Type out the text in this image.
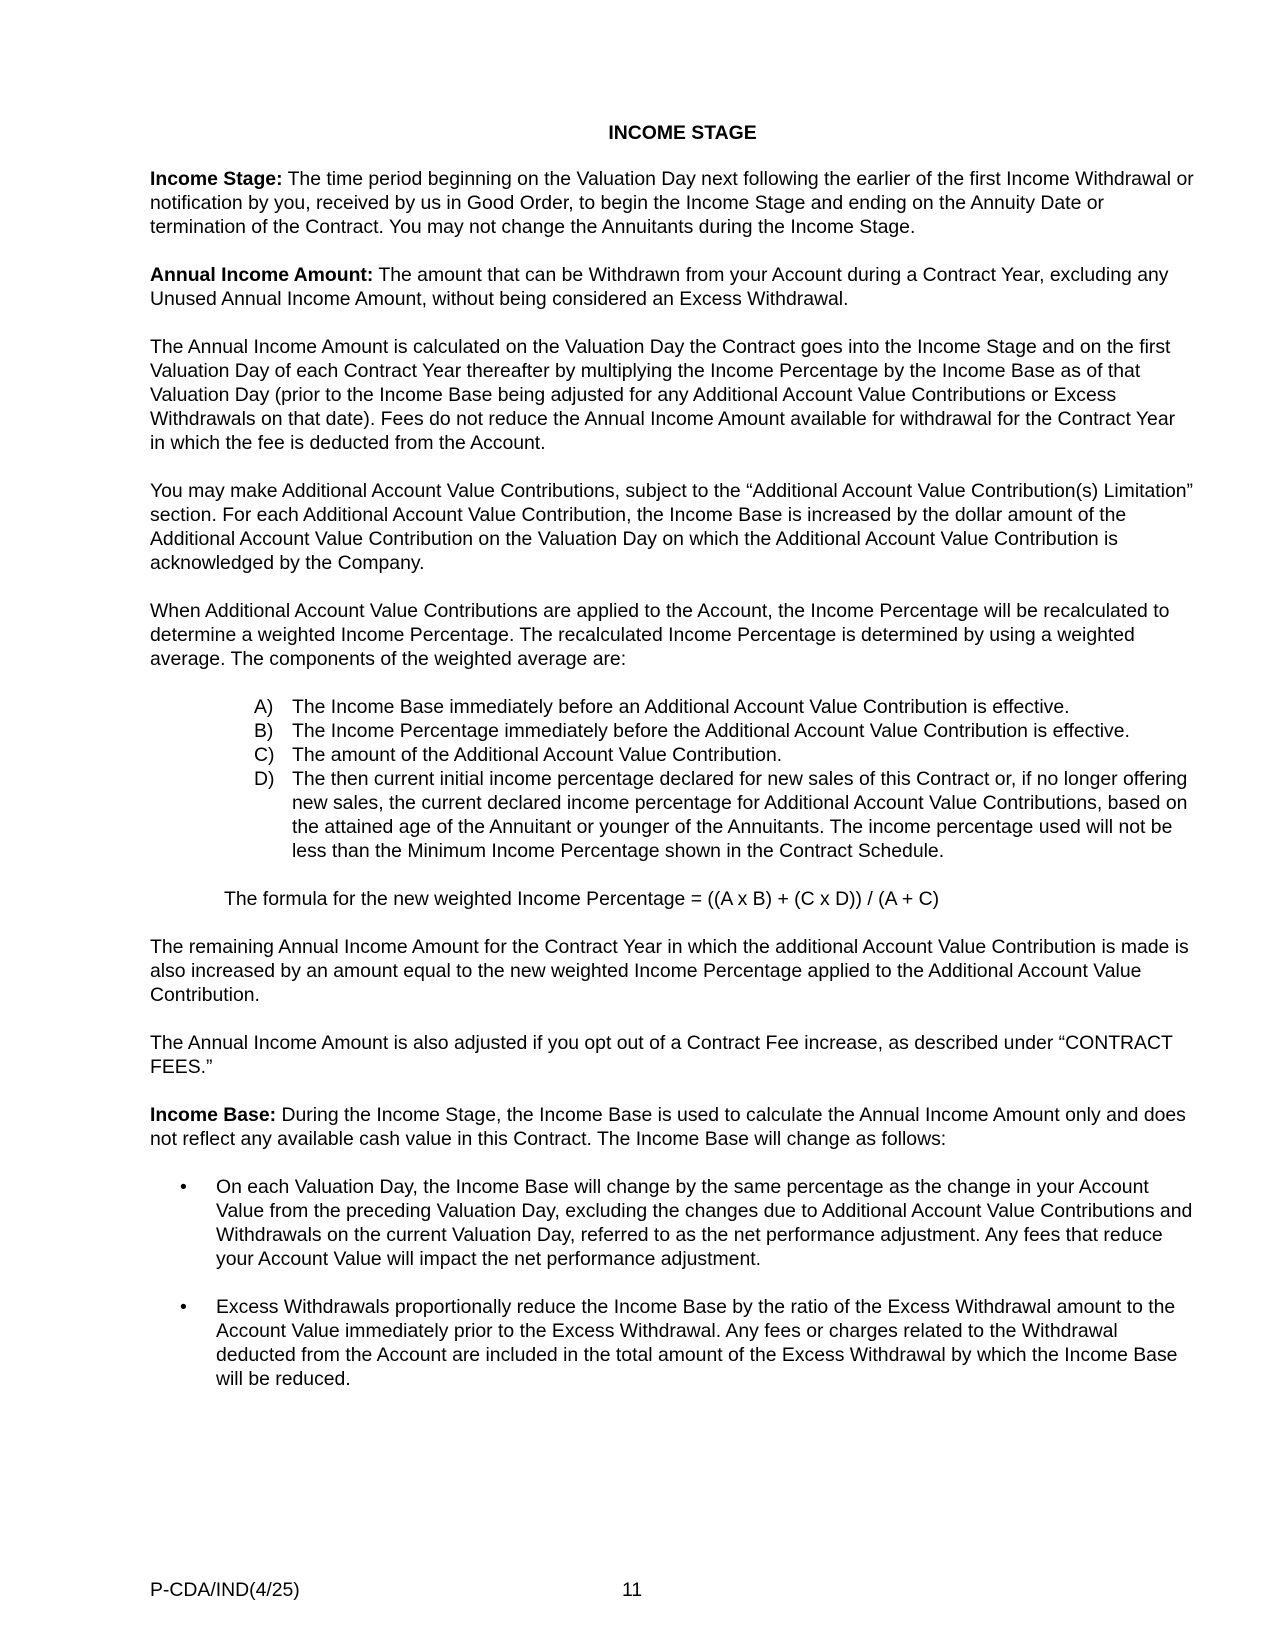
INCOME STAGE

Income Stage: The time period beginning on the Valuation Day next following the earlier of the first Income Withdrawal or notification by you, received by us in Good Order, to begin the Income Stage and ending on the Annuity Date or termination of the Contract. You may not change the Annuitants during the Income Stage.

Annual Income Amount: The amount that can be Withdrawn from your Account during a Contract Year, excluding any Unused Annual Income Amount, without being considered an Excess Withdrawal.

The Annual Income Amount is calculated on the Valuation Day the Contract goes into the Income Stage and on the first Valuation Day of each Contract Year thereafter by multiplying the Income Percentage by the Income Base as of that Valuation Day (prior to the Income Base being adjusted for any Additional Account Value Contributions or Excess Withdrawals on that date). Fees do not reduce the Annual Income Amount available for withdrawal for the Contract Year in which the fee is deducted from the Account.

You may make Additional Account Value Contributions, subject to the “Additional Account Value Contribution(s) Limitation” section. For each Additional Account Value Contribution, the Income Base is increased by the dollar amount of the Additional Account Value Contribution on the Valuation Day on which the Additional Account Value Contribution is acknowledged by the Company.

When Additional Account Value Contributions are applied to the Account, the Income Percentage will be recalculated to determine a weighted Income Percentage. The recalculated Income Percentage is determined by using a weighted average. The components of the weighted average are:

A) The Income Base immediately before an Additional Account Value Contribution is effective.
B) The Income Percentage immediately before the Additional Account Value Contribution is effective.
C) The amount of the Additional Account Value Contribution.
D) The then current initial income percentage declared for new sales of this Contract or, if no longer offering new sales, the current declared income percentage for Additional Account Value Contributions, based on the attained age of the Annuitant or younger of the Annuitants. The income percentage used will not be less than the Minimum Income Percentage shown in the Contract Schedule.
The formula for the new weighted Income Percentage = ((A x B) + (C x D)) / (A + C)

The remaining Annual Income Amount for the Contract Year in which the additional Account Value Contribution is made is also increased by an amount equal to the new weighted Income Percentage applied to the Additional Account Value Contribution.

The Annual Income Amount is also adjusted if you opt out of a Contract Fee increase, as described under “CONTRACT FEES.”

Income Base: During the Income Stage, the Income Base is used to calculate the Annual Income Amount only and does not reflect any available cash value in this Contract. The Income Base will change as follows:

• On each Valuation Day, the Income Base will change by the same percentage as the change in your Account Value from the preceding Valuation Day, excluding the changes due to Additional Account Value Contributions and Withdrawals on the current Valuation Day, referred to as the net performance adjustment. Any fees that reduce your Account Value will impact the net performance adjustment.
• Excess Withdrawals proportionally reduce the Income Base by the ratio of the Excess Withdrawal amount to the Account Value immediately prior to the Excess Withdrawal. Any fees or charges related to the Withdrawal deducted from the Account are included in the total amount of the Excess Withdrawal by which the Income Base will be reduced.
P-CDA/IND(4/25)	11
